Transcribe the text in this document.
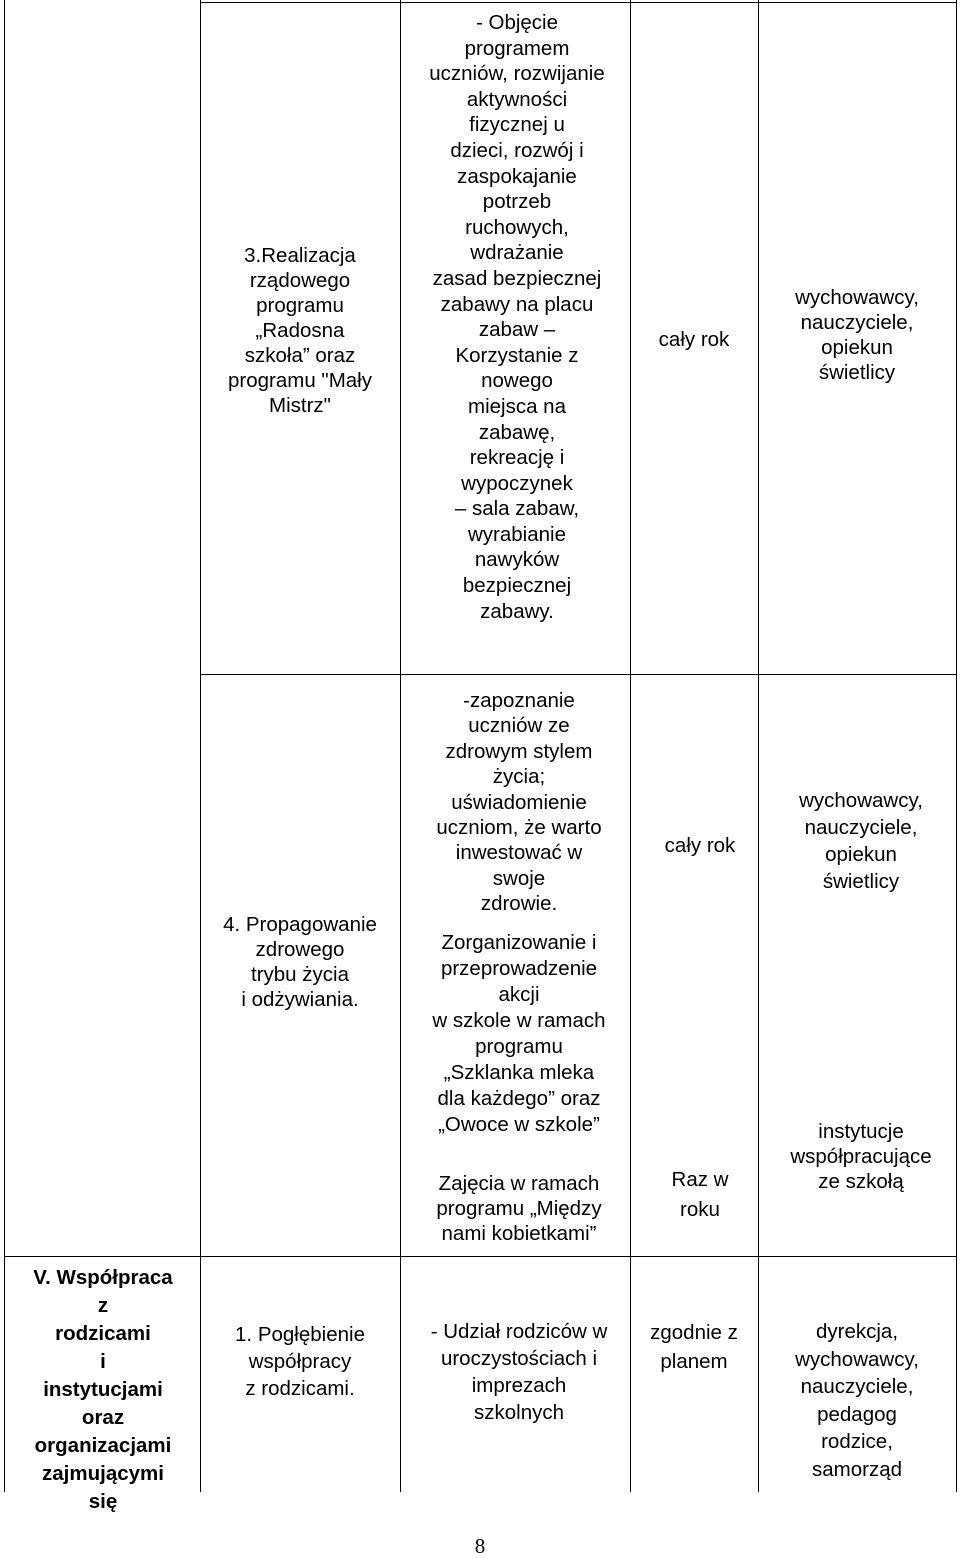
3.Realizacja
rządowego
programu
„Radosna
szkoła” oraz
programu "Mały
Mistrz"
- Objęcie
programem
uczniów, rozwijanie
aktywności
fizycznej u
dzieci, rozwój i
zaspokajanie
potrzeb
ruchowych,
wdrażanie
zasad bezpiecznej
zabawy na placu
zabaw –
Korzystanie z
nowego
miejsca na
zabawę,
rekreację i
wypoczynek
– sala zabaw,
wyrabianie
nawyków
bezpiecznej
zabawy.
cały rok
wychowawcy,
nauczyciele,
opiekun
świetlicy
4. Propagowanie
zdrowego
trybu życia
i odżywiania.
-zapoznanie
uczniów ze
zdrowym stylem
życia;
uświadomienie
uczniom, że warto
inwestować w
swoje
zdrowie.
Zorganizowanie i
przeprowadzenie
akcji
w szkole w ramach
programu
„Szklanka mleka
dla każdego” oraz
„Owoce w szkole”
Zajęcia w ramach
programu „Między
nami kobietkami”
cały rok
Raz w
roku
wychowawcy,
nauczyciele,
opiekun
świetlicy
instytucje
współpracujące
ze szkołą
V. Współpraca
z
rodzicami
i
instytucjami
oraz
organizacjami
zajmującymi
się
1. Pogłębienie
współpracy
z rodzicami.
- Udział rodziców w
uroczystościach i
imprezach
szkolnych
zgodnie z
planem
dyrekcja,
wychowawcy,
nauczyciele,
pedagog
rodzice,
samorząd
8
